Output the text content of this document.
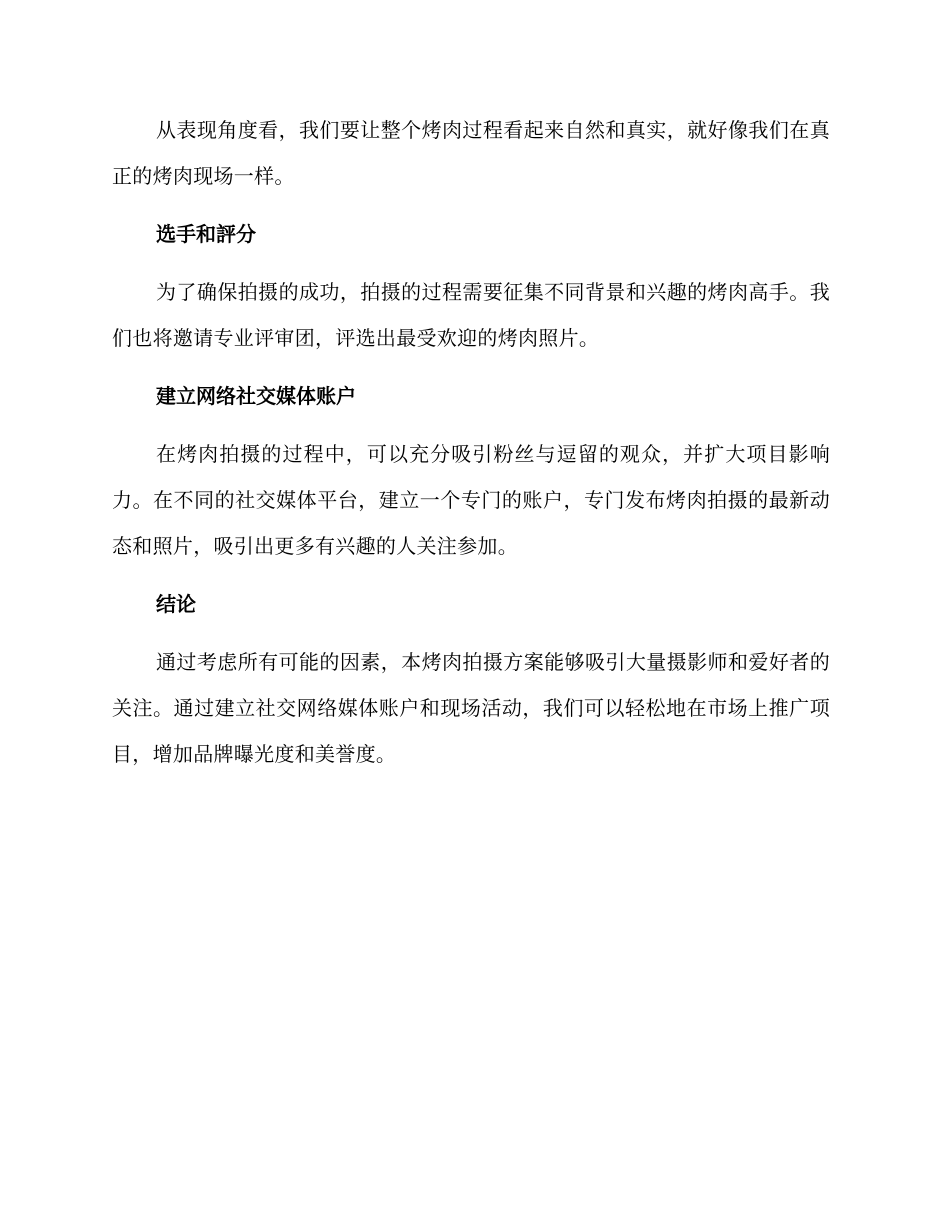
从表现角度看，我们要让整个烤肉过程看起来自然和真实，就好像我们在真正的烤肉现场一样。

选手和評分

为了确保拍摄的成功，拍摄的过程需要征集不同背景和兴趣的烤肉高手。我们也将邀请专业评审团，评选出最受欢迎的烤肉照片。

建立网络社交媒体账户

在烤肉拍摄的过程中，可以充分吸引粉丝与逗留的观众，并扩大项目影响力。在不同的社交媒体平台，建立一个专门的账户，专门发布烤肉拍摄的最新动态和照片，吸引出更多有兴趣的人关注参加。

结论

通过考虑所有可能的因素，本烤肉拍摄方案能够吸引大量摄影师和爱好者的关注。通过建立社交网络媒体账户和现场活动，我们可以轻松地在市场上推广项目，增加品牌曝光度和美誉度。
